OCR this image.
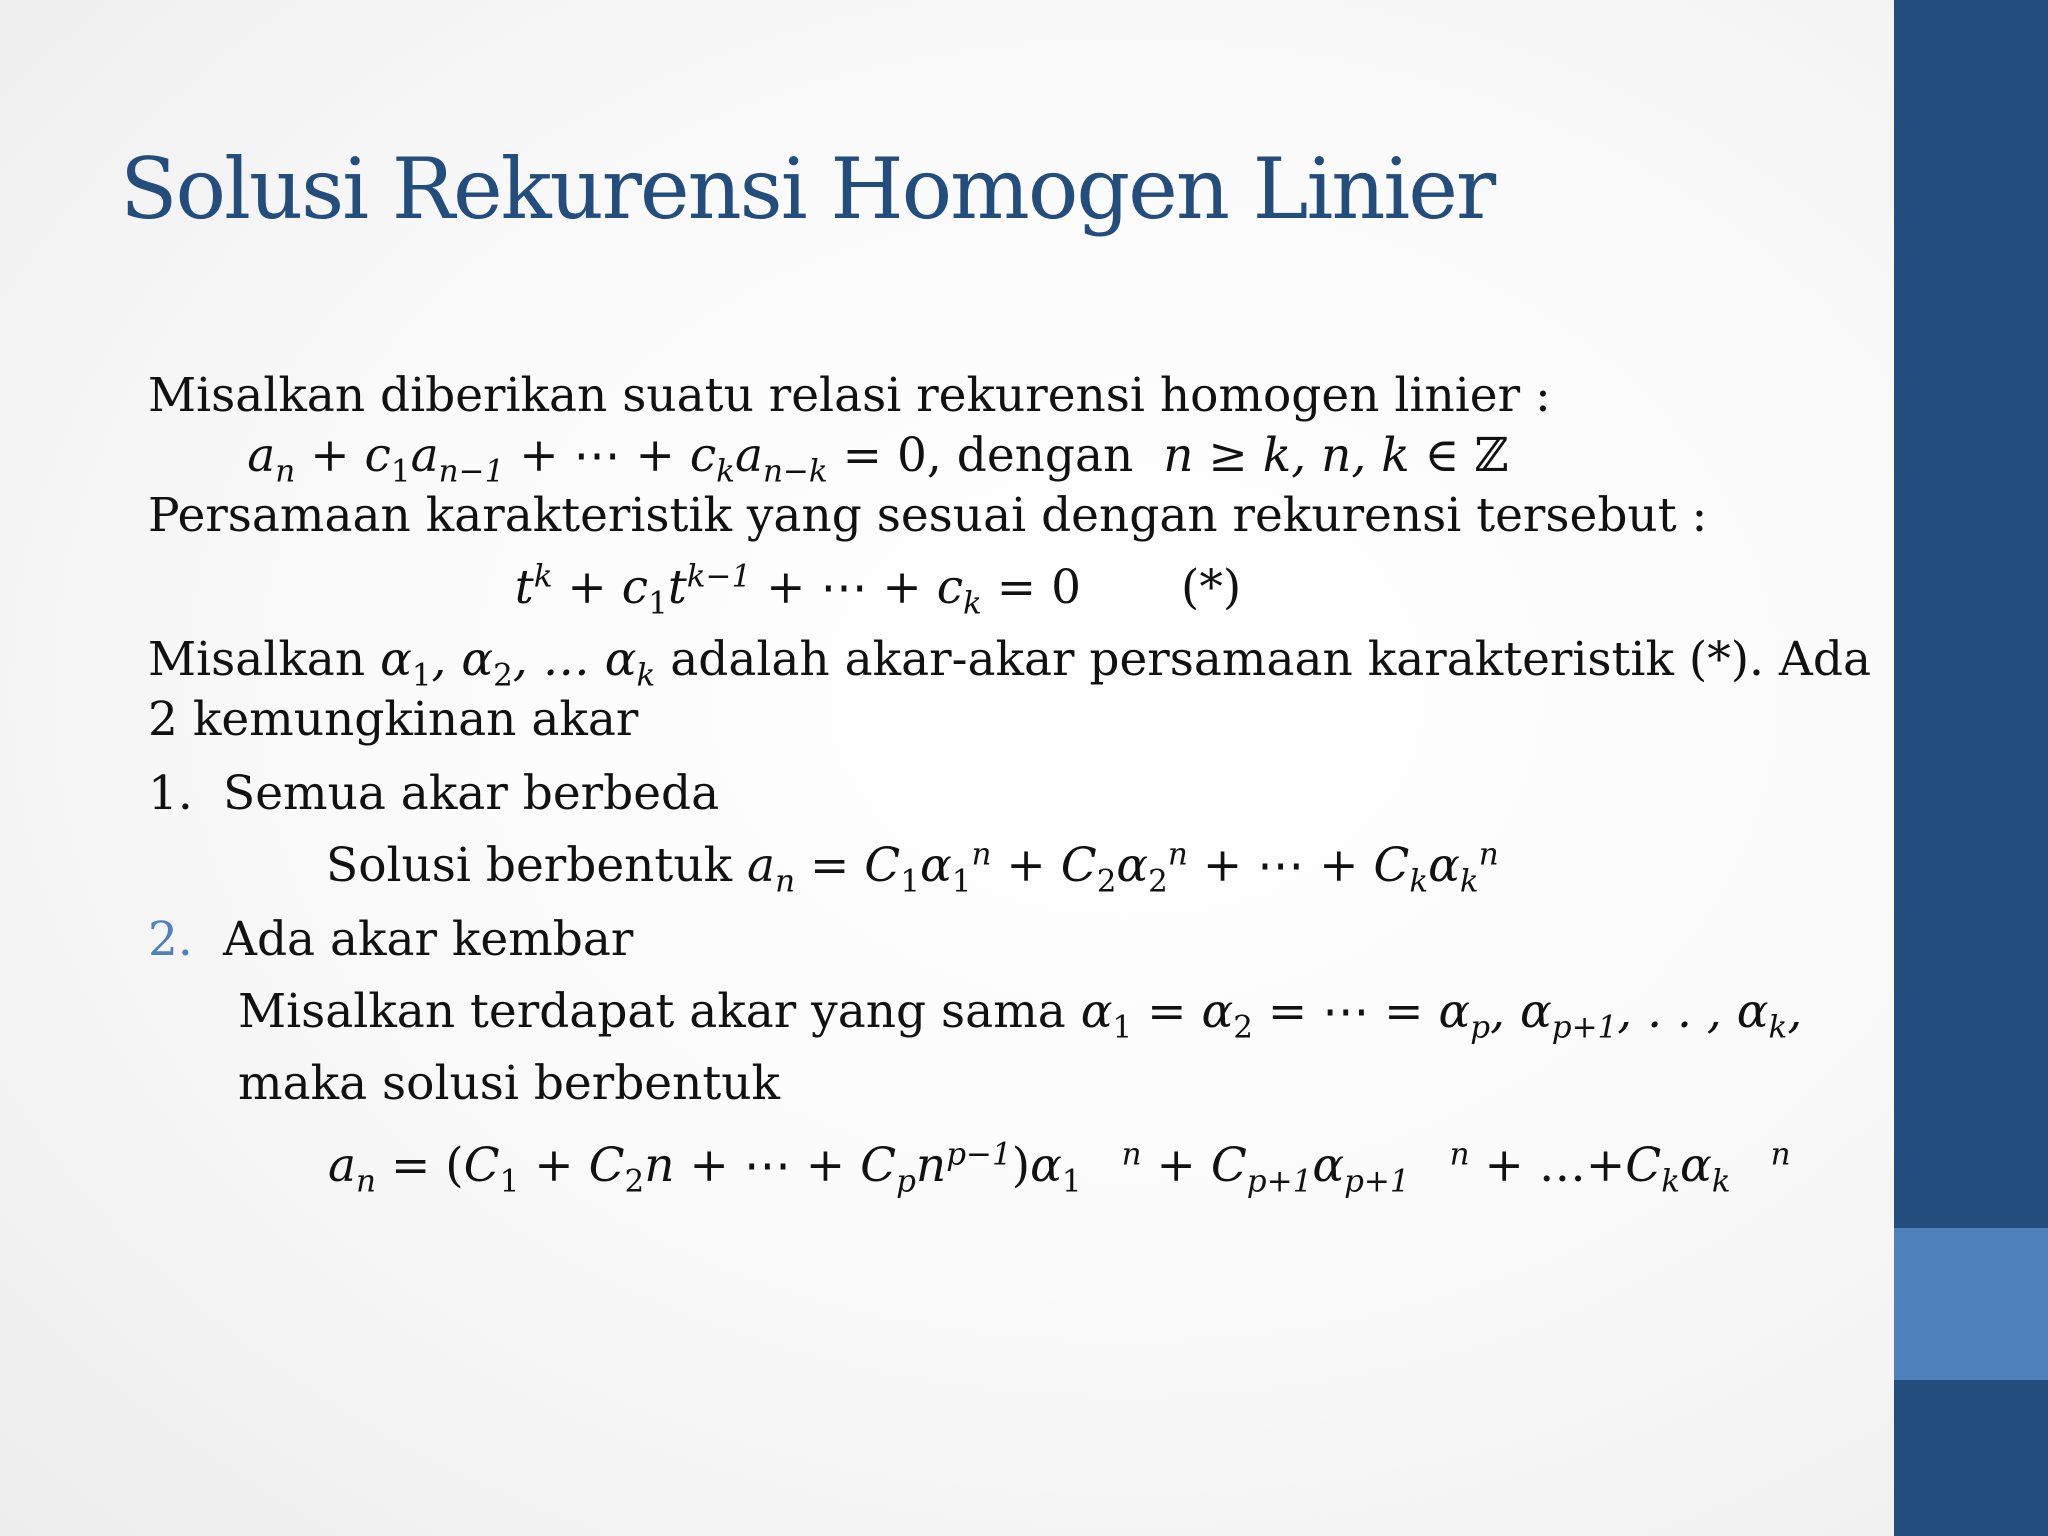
Solusi Rekurensi Homogen Linier
Misalkan diberikan suatu relasi rekurensi homogen linier :
$a_n + c_1a_{n-1}$ + ⋯ + $c_ka_{n-k} = 0$, dengan  n ≥ k, n, k ∈ ℤ
Persamaan karakteristik yang sesuai dengan rekurensi tersebut :
$t^k + c_1t^{k-1}$ + ⋯ + $c_k = 0$ (*)
Misalkan $\alpha_1$, $\alpha_2$, … $\alpha_k$ adalah akar-akar persamaan karakteristik (*). Ada
2 kemungkinan akar
1. Semua akar berbeda
Solusi berbentuk $a_n = C_1\alpha_1^n + C_2\alpha_2^n$ + ⋯ + $C_k\alpha_k^n$
2. Ada akar kembar
Misalkan terdapat akar yang sama $\alpha_1 = \alpha_2$ = ⋯ = $\alpha_p$, $\alpha_{p+1}$, . . , $\alpha_k$,
maka solusi berbentuk
$a_n = (C_1 + C_2n$ + ⋯ + $C_pn^{p-1})\alpha_1^n + C_{p+1}\alpha_{p+1}^n$ + $\dots+C_k\alpha_k^n$
